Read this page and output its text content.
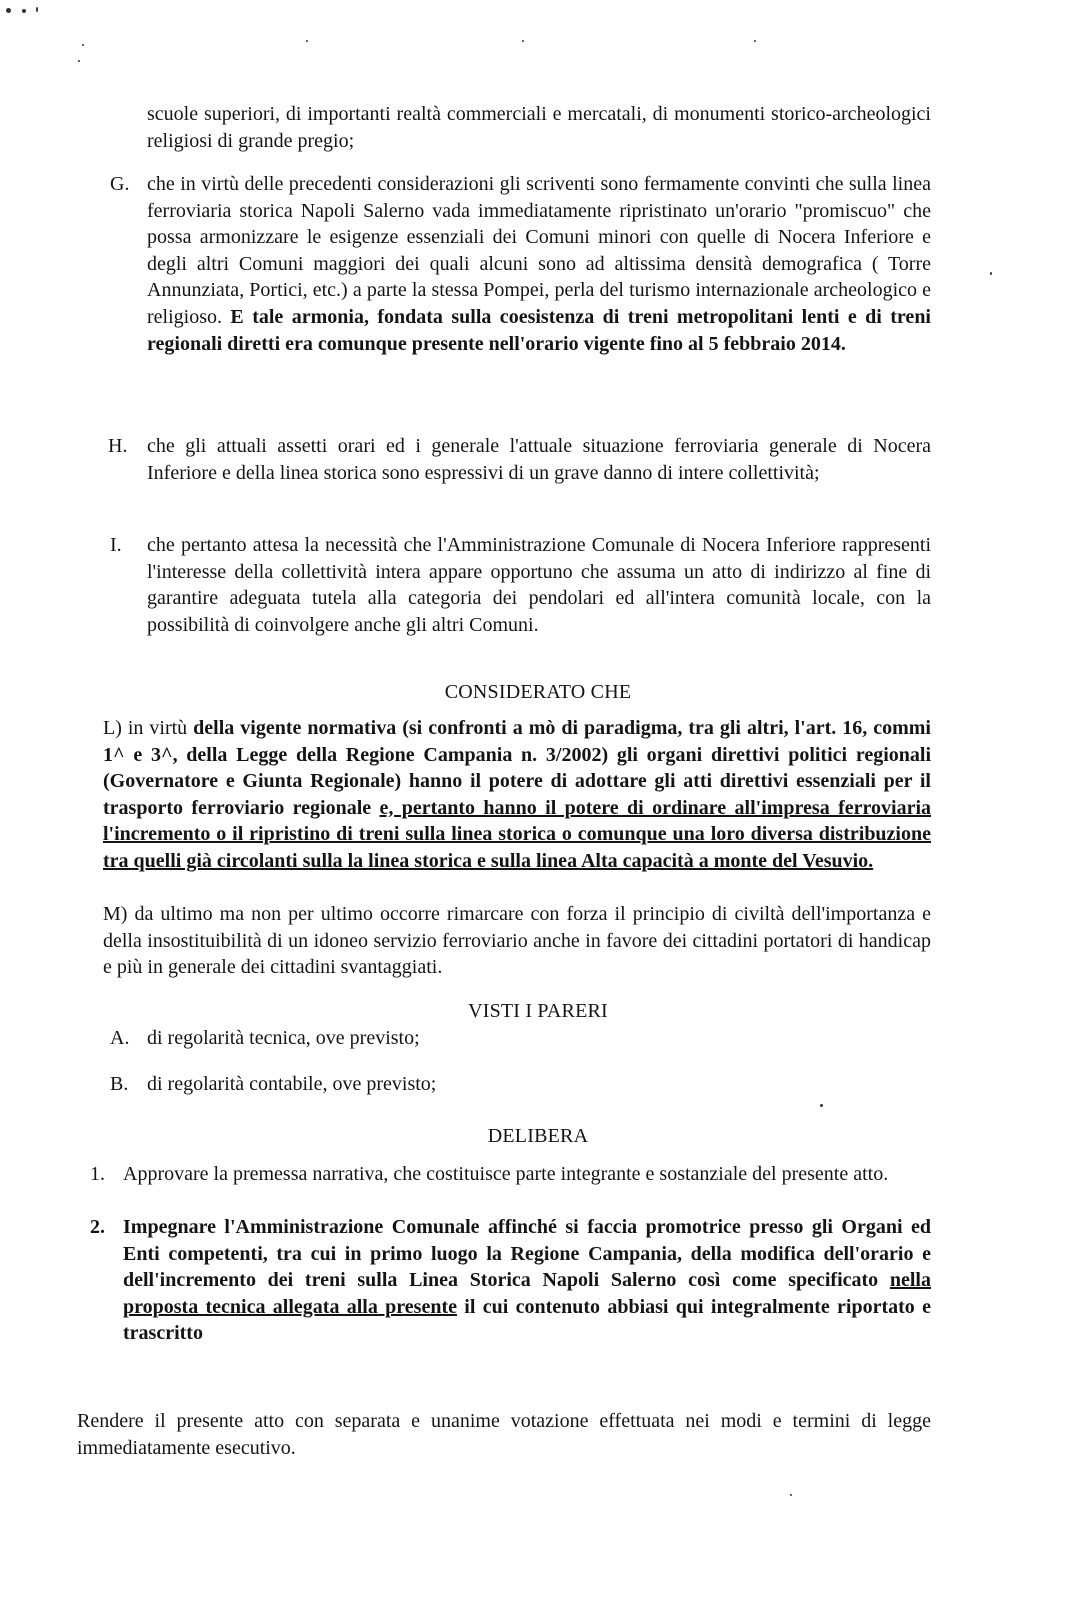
scuole superiori, di importanti realtà commerciali e mercatali, di monumenti storico-archeologici religiosi di grande pregio;

G. che in virtù delle precedenti considerazioni gli scriventi sono fermamente convinti che sulla linea ferroviaria storica Napoli Salerno vada immediatamente ripristinato un'orario "promiscuo" che possa armonizzare le esigenze essenziali dei Comuni minori con quelle di Nocera Inferiore e degli altri Comuni maggiori dei quali alcuni sono ad altissima densità demografica ( Torre Annunziata, Portici, etc.) a parte la stessa Pompei, perla del turismo internazionale archeologico e religioso. E tale armonia, fondata sulla coesistenza di treni metropolitani lenti e di treni regionali diretti era comunque presente nell'orario vigente fino al 5 febbraio 2014.

H. che gli attuali assetti orari ed i generale l'attuale situazione ferroviaria generale di Nocera Inferiore e della linea storica sono espressivi di un grave danno di intere collettività;

I. che pertanto attesa la necessità che l'Amministrazione Comunale di Nocera Inferiore rappresenti l'interesse della collettività intera appare opportuno che assuma un atto di indirizzo al fine di garantire adeguata tutela alla categoria dei pendolari ed all'intera comunità locale, con la possibilità di coinvolgere anche gli altri Comuni.

CONSIDERATO CHE

L) in virtù della vigente normativa (si confronti a mò di paradigma, tra gli altri, l'art. 16, commi 1^ e 3^, della Legge della Regione Campania n. 3/2002) gli organi direttivi politici regionali (Governatore e Giunta Regionale) hanno il potere di adottare gli atti direttivi essenziali per il trasporto ferroviario regionale e, pertanto hanno il potere di ordinare all'impresa ferroviaria l'incremento o il ripristino di treni sulla linea storica o comunque una loro diversa distribuzione tra quelli già circolanti sulla la linea storica e sulla linea Alta capacità a monte del Vesuvio.

M) da ultimo ma non per ultimo occorre rimarcare con forza il principio di civiltà dell'importanza e della insostituibilità di un idoneo servizio ferroviario anche in favore dei cittadini portatori di handicap e più in generale dei cittadini svantaggiati.

VISTI I PARERI
A. di regolarità tecnica, ove previsto;
B. di regolarità contabile, ove previsto;
DELIBERA
1. Approvare la premessa narrativa, che costituisce parte integrante e sostanziale del presente atto.

2. Impegnare l'Amministrazione Comunale affinché si faccia promotrice presso gli Organi ed Enti competenti, tra cui in primo luogo la Regione Campania, della modifica dell'orario e dell'incremento dei treni sulla Linea Storica Napoli Salerno così come specificato nella proposta tecnica allegata alla presente il cui contenuto abbiasi qui integralmente riportato e trascritto

Rendere il presente atto con separata e unanime votazione effettuata nei modi e termini di legge immediatamente esecutivo.
